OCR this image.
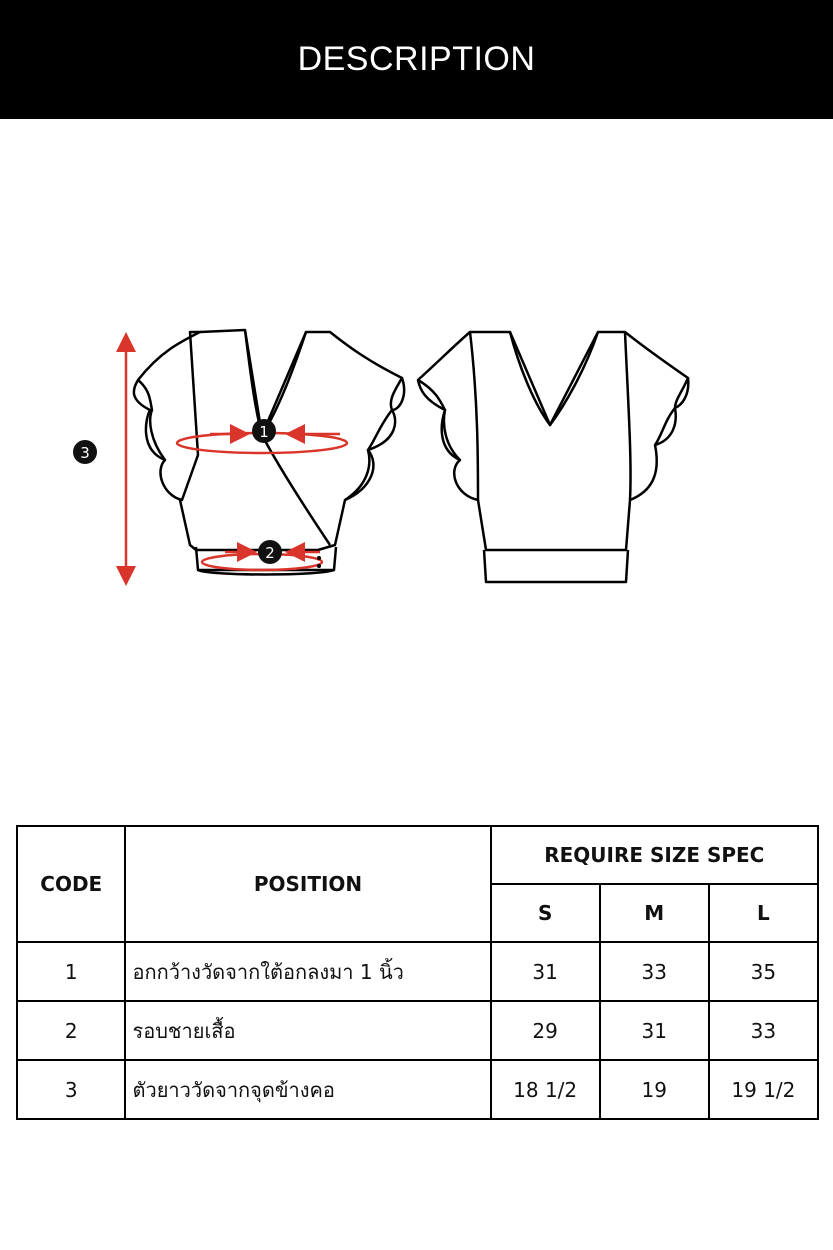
DESCRIPTION
1
2
3
CODE	POSITION	REQUIRE SIZE SPEC		
		S	M	L
1	อกกว้างวัดจากใต้อกลงมา 1 นิ้ว	31	33	35
2	รอบชายเสื้อ	29	31	33
3	ตัวยาววัดจากจุดข้างคอ	18 1/2	19	19 1/2
